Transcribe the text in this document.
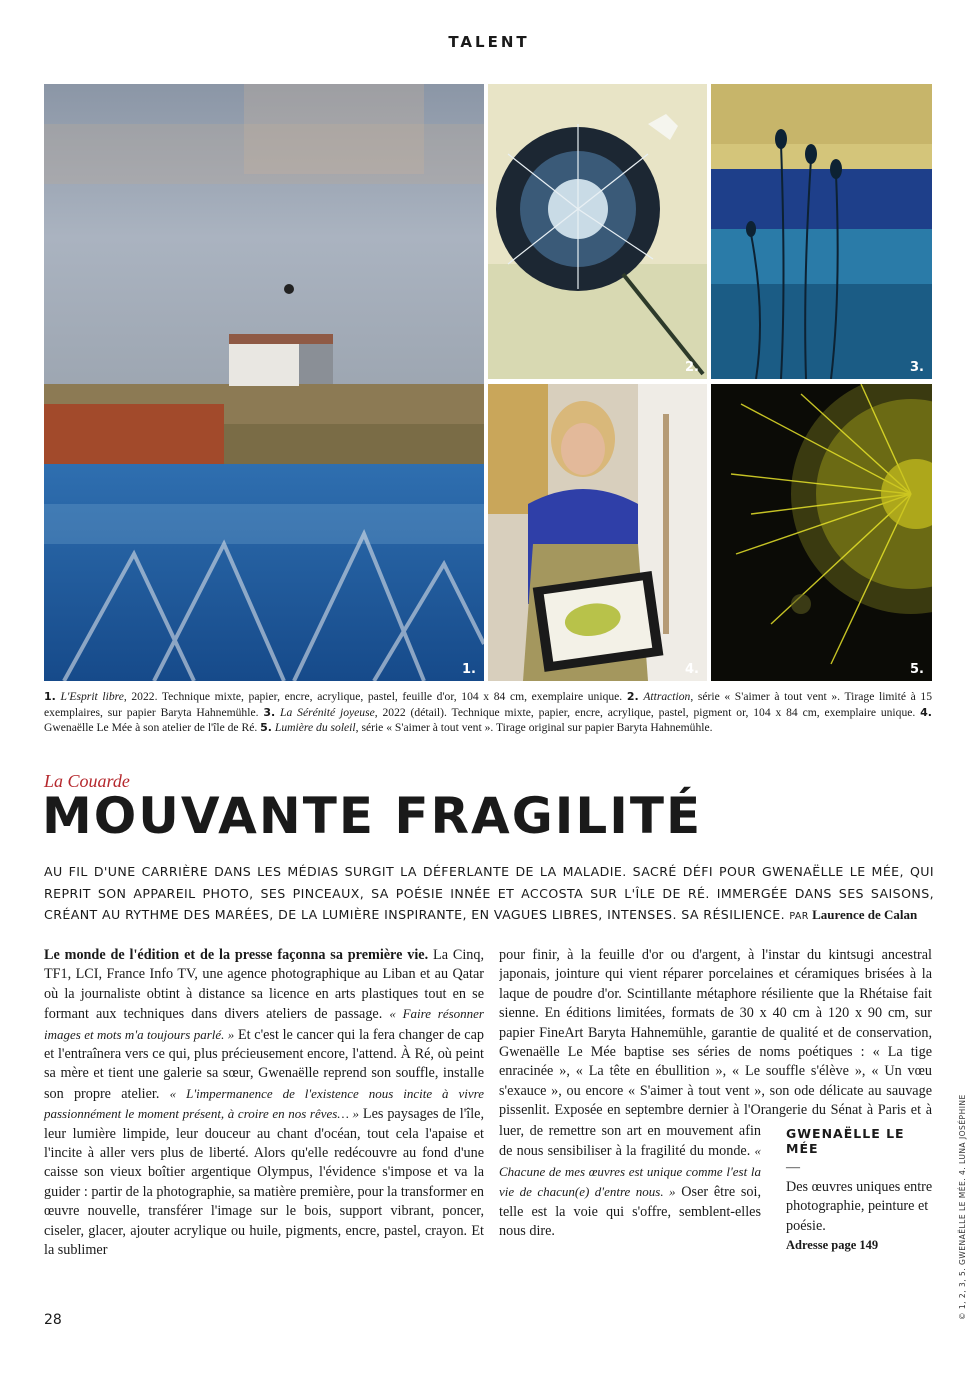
TALENT
1.
2.	3.
4.	5.
1. L'Esprit libre, 2022. Technique mixte, papier, encre, acrylique, pastel, feuille d'or, 104 x 84 cm, exemplaire unique. 2. Attraction, série « S'aimer à tout vent ». Tirage limité à 15 exemplaires, sur papier Baryta Hahnemühle. 3. La Sérénité joyeuse, 2022 (détail). Technique mixte, papier, encre, acrylique, pastel, pigment or, 104 x 84 cm, exemplaire unique. 4. Gwenaëlle Le Mée à son atelier de l'île de Ré. 5. Lumière du soleil, série « S'aimer à tout vent ». Tirage original sur papier Baryta Hahnemühle.
La Couarde
MOUVANTE FRAGILITÉ
AU FIL D'UNE CARRIÈRE DANS LES MÉDIAS SURGIT LA DÉFERLANTE DE LA MALADIE. SACRÉ DÉFI POUR GWENAËLLE LE MÉE, QUI REPRIT SON APPAREIL PHOTO, SES PINCEAUX, SA POÉSIE INNÉE ET ACCOSTA SUR L'ÎLE DE RÉ. IMMERGÉE DANS SES SAISONS, CRÉANT AU RYTHME DES MARÉES, DE LA LUMIÈRE INSPIRANTE, EN VAGUES LIBRES, INTENSES. SA RÉSILIENCE. PAR Laurence de Calan
Le monde de l'édition et de la presse façonna sa première vie. La Cinq, TF1, LCI, France Info TV, une agence photographique au Liban et au Qatar où la journaliste obtint à distance sa licence en arts plastiques tout en se formant aux techniques dans divers ateliers de passage. « Faire résonner images et mots m'a toujours parlé. » Et c'est le cancer qui la fera changer de cap et l'entraînera vers ce qui, plus précieusement encore, l'attend. À Ré, où peint sa mère et tient une galerie sa sœur, Gwenaëlle reprend son souffle, installe son propre atelier. « L'impermanence de l'existence nous incite à vivre passionnément le moment présent, à croire en nos rêves… » Les paysages de l'île, leur lumière limpide, leur douceur au chant d'océan, tout cela l'apaise et l'incite à aller vers plus de liberté. Alors qu'elle redécouvre au fond d'une caisse son vieux boîtier argentique Olympus, l'évidence s'impose et va la guider : partir de la photographie, sa matière première, pour la transformer en œuvre nouvelle, transférer l'image sur le bois, support vibrant, poncer, ciseler, glacer, ajouter acrylique ou huile, pigments, encre, pastel, crayon. Et la sublimer
pour finir, à la feuille d'or ou d'argent, à l'instar du kintsugi ancestral japonais, jointure qui vient réparer porcelaines et céramiques brisées à la laque de poudre d'or. Scintillante métaphore résiliente que la Rhétaise fait sienne. En éditions limitées, formats de 30 x 40 cm à 120 x 90 cm, sur papier FineArt Baryta Hahnemühle, garantie de qualité et de conservation, Gwenaëlle Le Mée baptise ses séries de noms poétiques : « La tige enracinée », « La tête en ébullition », « Le souffle s'élève », « Un vœu s'exauce », ou encore « S'aimer à tout vent », son ode délicate au sauvage pissenlit. Exposée en septembre dernier à l'Orangerie du Sénat à Paris et à
luer, de remettre son art en mouvement afin de nous sensibiliser à la fragilité du monde. « Chacune de mes œuvres est unique comme l'est la vie de chacun(e) d'entre nous. » Oser être soi, telle est la voie qui s'offre, semblent-elles nous dire.
GWENAËLLE LE MÉE
—
Des œuvres uniques entre photographie, peinture et poésie.
Adresse page 149
28	© 1, 2, 3, 5. GWENAËLLE LE MÉE. 4. LUNA JOSÉPHINE
